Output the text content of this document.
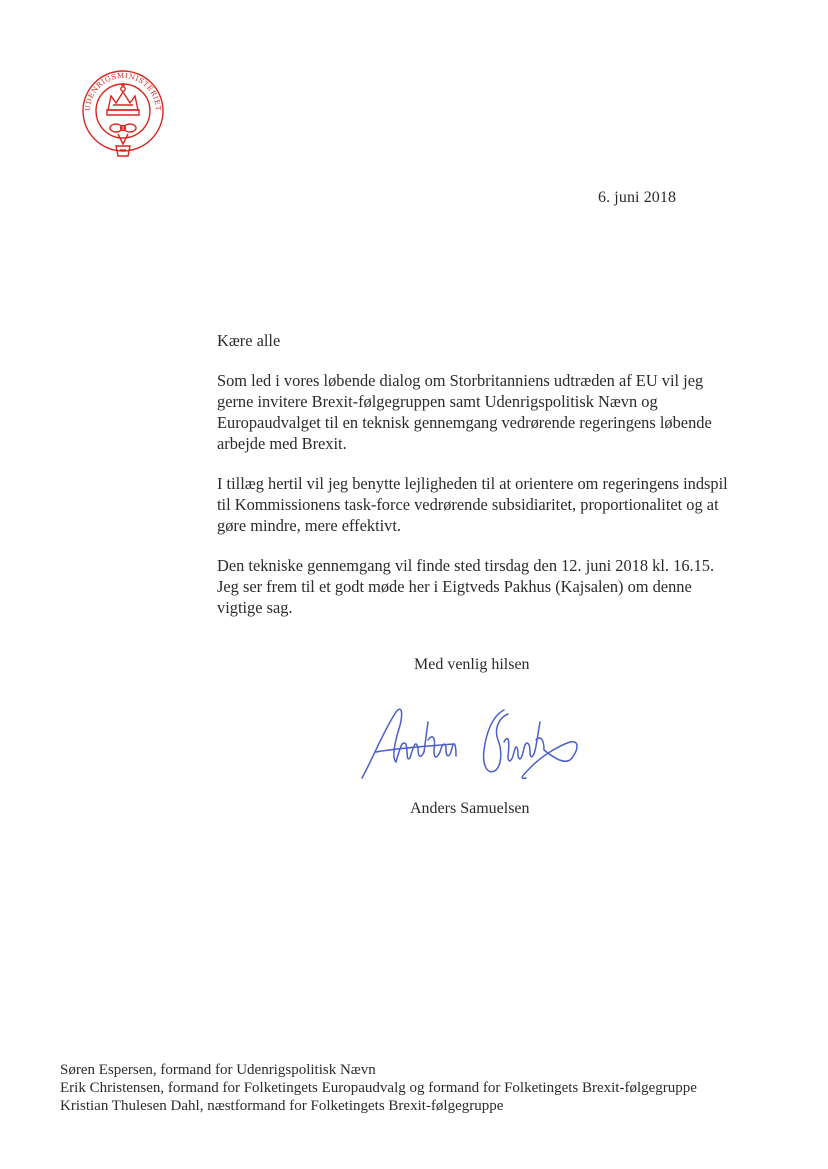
UDENRIGSMINISTERIET
6. juni 2018

Kære alle

Som led i vores løbende dialog om Storbritanniens udtræden af EU vil jeg gerne invitere Brexit-følgegruppen samt Udenrigspolitisk Nævn og Europaudvalget til en teknisk gennemgang vedrørende regeringens løbende arbejde med Brexit.

I tillæg hertil vil jeg benytte lejligheden til at orientere om regeringens indspil til Kommissionens task-force vedrørende subsidiaritet, proportionalitet og at gøre mindre, mere effektivt.

Den tekniske gennemgang vil finde sted tirsdag den 12. juni 2018 kl. 16.15. Jeg ser frem til et godt møde her i Eigtveds Pakhus (Kajsalen) om denne vigtige sag.

Med venlig hilsen
Anders Samuelsen
Søren Espersen, formand for Udenrigspolitisk Nævn
Erik Christensen, formand for Folketingets Europaudvalg og formand for Folketingets Brexit-følgegruppe
Kristian Thulesen Dahl, næstformand for Folketingets Brexit-følgegruppe
